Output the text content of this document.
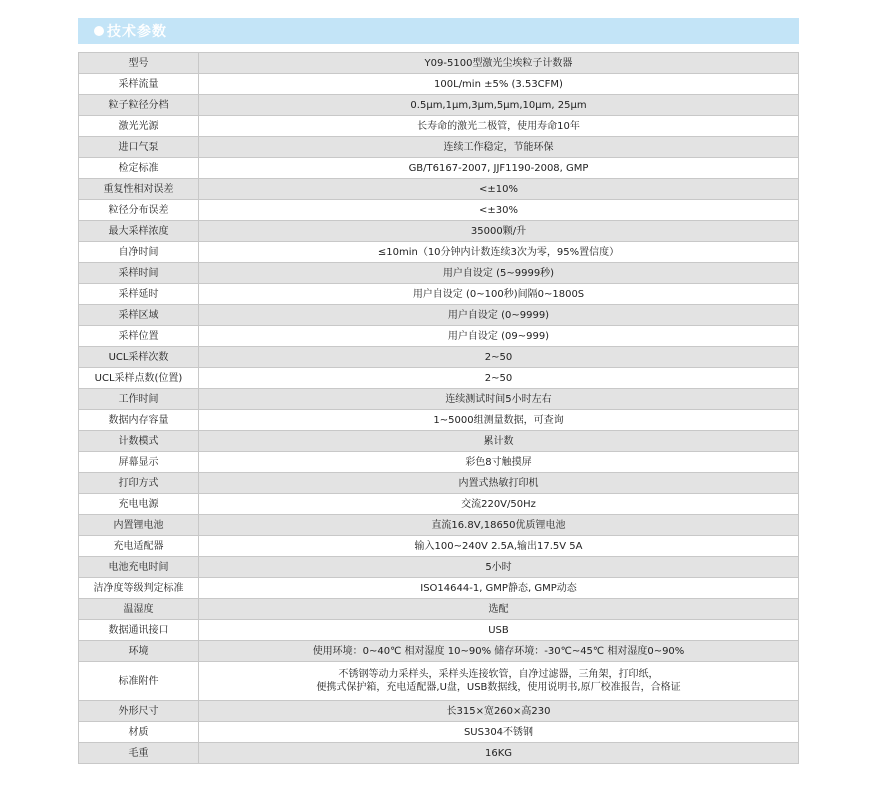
技术参数
型号	Y09-5100型激光尘埃粒子计数器
采样流量	100L/min ±5% (3.53CFM)
粒子粒径分档	0.5μm,1μm,3μm,5μm,10μm, 25μm
激光光源	长寿命的激光二极管，使用寿命10年
进口气泵	连续工作稳定，节能环保
检定标准	GB/T6167-2007, JJF1190-2008, GMP
重复性相对误差	<±10%
粒径分布误差	<±30%
最大采样浓度	35000颗/升
自净时间	≤10min（10分钟内计数连续3次为零，95%置信度）
采样时间	用户自设定 (5~9999秒)
采样延时	用户自设定 (0~100秒)间隔0~1800S
采样区域	用户自设定 (0~9999)
采样位置	用户自设定 (09~999)
UCL采样次数	2~50
UCL采样点数(位置)	2~50
工作时间	连续测试时间5小时左右
数据内存容量	1~5000组测量数据，可查询
计数模式	累计数
屏幕显示	彩色8寸触摸屏
打印方式	内置式热敏打印机
充电电源	交流220V/50Hz
内置锂电池	直流16.8V,18650优质锂电池
充电适配器	输入100~240V 2.5A,输出17.5V 5A
电池充电时间	5小时
洁净度等级判定标准	ISO14644-1, GMP静态, GMP动态
温湿度	选配
数据通讯接口	USB
环境	使用环境：0~40℃ 相对湿度 10~90% 储存环境：-30℃~45℃ 相对湿度0~90%
标准附件	不锈钢等动力采样头，采样头连接软管，自净过滤器，三角架，打印纸，
便携式保护箱，充电适配器,U盘，USB数据线，使用说明书,原厂校准报告，合格证

外形尺寸	长315×宽260×高230
材质	SUS304不锈钢
毛重	16KG
